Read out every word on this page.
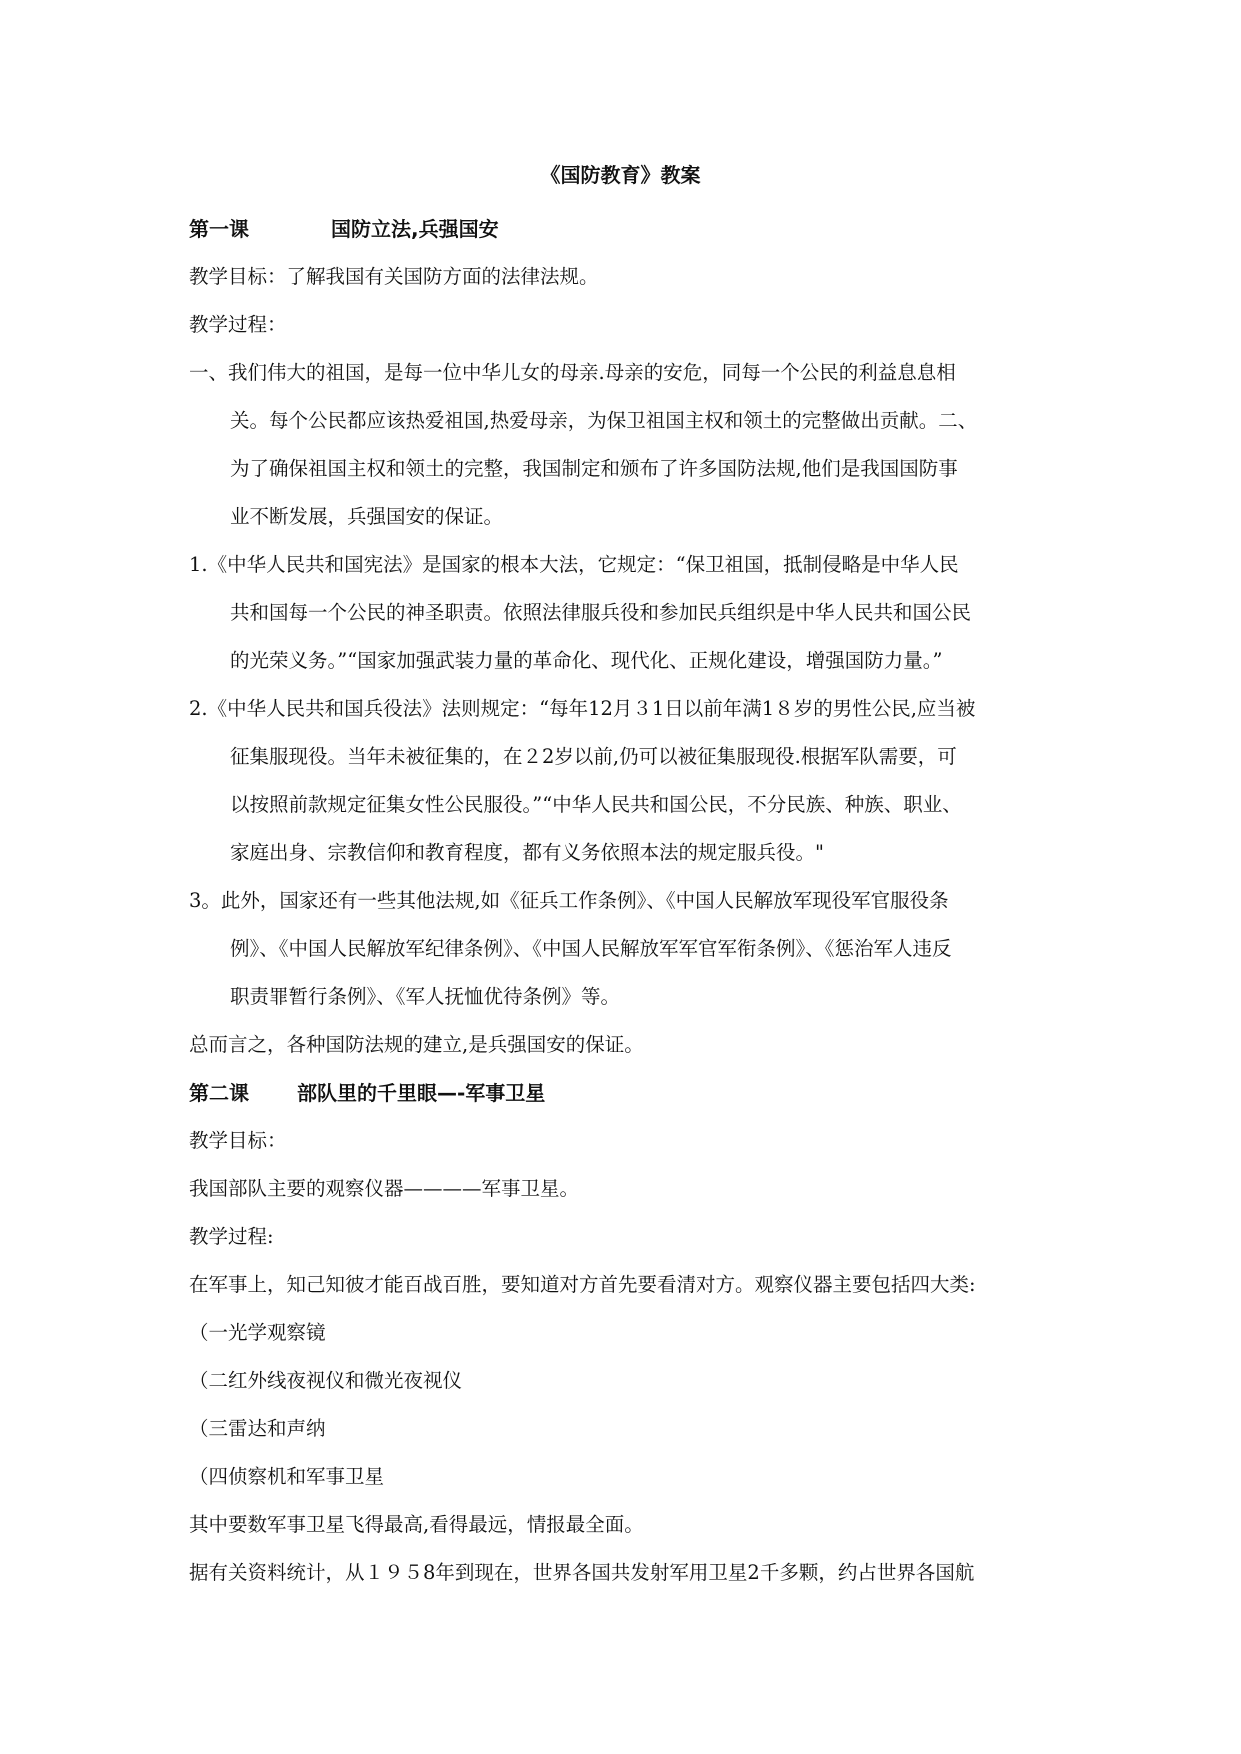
《国防教育》教案
第一课	国防立法,兵强国安
教学目标：了解我国有关国防方面的法律法规。
教学过程：
一、我们伟大的祖国，是每一位中华儿女的母亲.母亲的安危，同每一个公民的利益息息相
关。每个公民都应该热爱祖国,热爱母亲，为保卫祖国主权和领土的完整做出贡献。二、
为了确保祖国主权和领土的完整，我国制定和颁布了许多国防法规,他们是我国国防事
业不断发展，兵强国安的保证。
1.《中华人民共和国宪法》是国家的根本大法，它规定：“保卫祖国，抵制侵略是中华人民
共和国每一个公民的神圣职责。依照法律服兵役和参加民兵组织是中华人民共和国公民
的光荣义务。”“国家加强武装力量的革命化、现代化、正规化建设，增强国防力量。”
2.《中华人民共和国兵役法》法则规定：“每年12月３1日以前年满1８岁的男性公民,应当被
征集服现役。当年未被征集的，在２2岁以前,仍可以被征集服现役.根据军队需要，可
以按照前款规定征集女性公民服役。”“中华人民共和国公民，不分民族、种族、职业、
家庭出身、宗教信仰和教育程度，都有义务依照本法的规定服兵役。"
3。此外，国家还有一些其他法规,如《征兵工作条例》、《中国人民解放军现役军官服役条
例》、《中国人民解放军纪律条例》、《中国人民解放军军官军衔条例》、《惩治军人违反
职责罪暂行条例》、《军人抚恤优待条例》等。
总而言之，各种国防法规的建立,是兵强国安的保证。
第二课 部队里的千里眼—-军事卫星
教学目标：
我国部队主要的观察仪器————军事卫星。
教学过程:
在军事上，知己知彼才能百战百胜，要知道对方首先要看清对方。观察仪器主要包括四大类:
（一光学观察镜
（二红外线夜视仪和微光夜视仪
（三雷达和声纳
（四侦察机和军事卫星
其中要数军事卫星飞得最高,看得最远，情报最全面。
据有关资料统计，从１９５8年到现在，世界各国共发射军用卫星2千多颗，约占世界各国航
